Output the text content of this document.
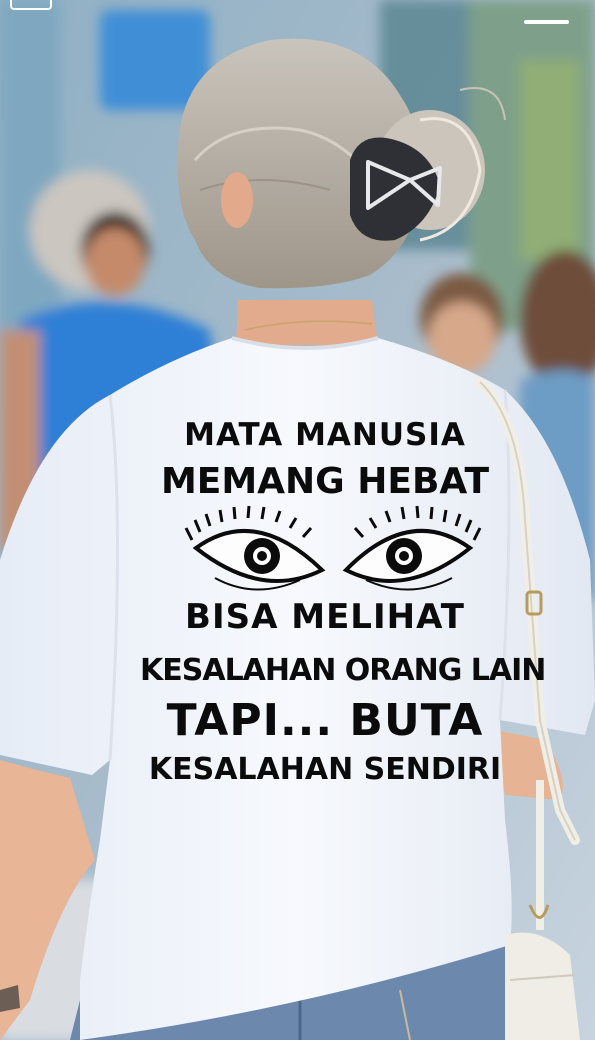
MATA MANUSIA
MEMANG HEBAT
BISA MELIHAT
KESALAHAN ORANG LAIN
TAPI... BUTA
KESALAHAN SENDIRI
